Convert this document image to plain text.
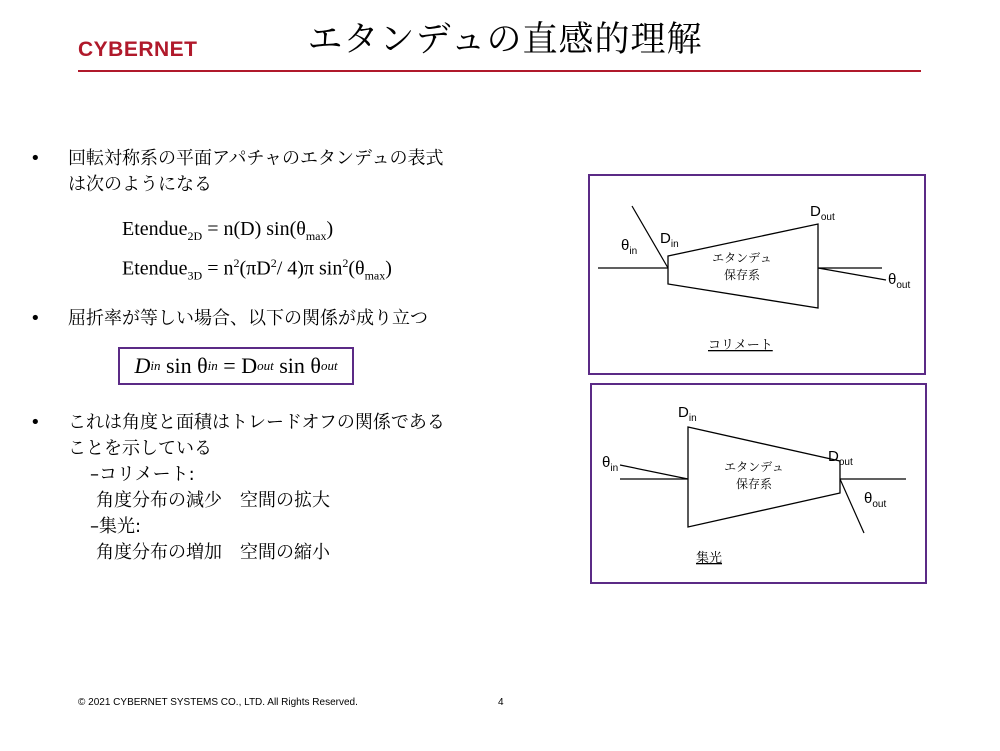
CYBERNET	エタンデュの直感的理解
• 回転対称系の平面アパチャのエタンデュの表式
は次のようになる
Etendue$_{2D}$ = n(D) $\sin(\theta_{max})$
Etendue$_{3D}$ = $n^2(\pi D^2/$ 4)π $\sin^2(\theta_{max})$
• 屈折率が等しい場合、以下の関係が成り立つ
D in
sin θ in
= D out
sin θ out
• これは角度と面積はトレードオフの関係である
ことを示している
–コリメート:
角度分布の減少　空間の拡大
–集光:
角度分布の増加　空間の縮小
$\theta_{in}$
$D_{in}$
$D_{out}$
$\theta_{out}$
エタンデュ
保存系
コリメート
$\theta_{in}$
$D_{in}$
$D_{out}$
$\theta_{out}$
エタンデュ
保存系
集光
© 2021 CYBERNET SYSTEMS CO., LTD. All Rights Reserved.	4
